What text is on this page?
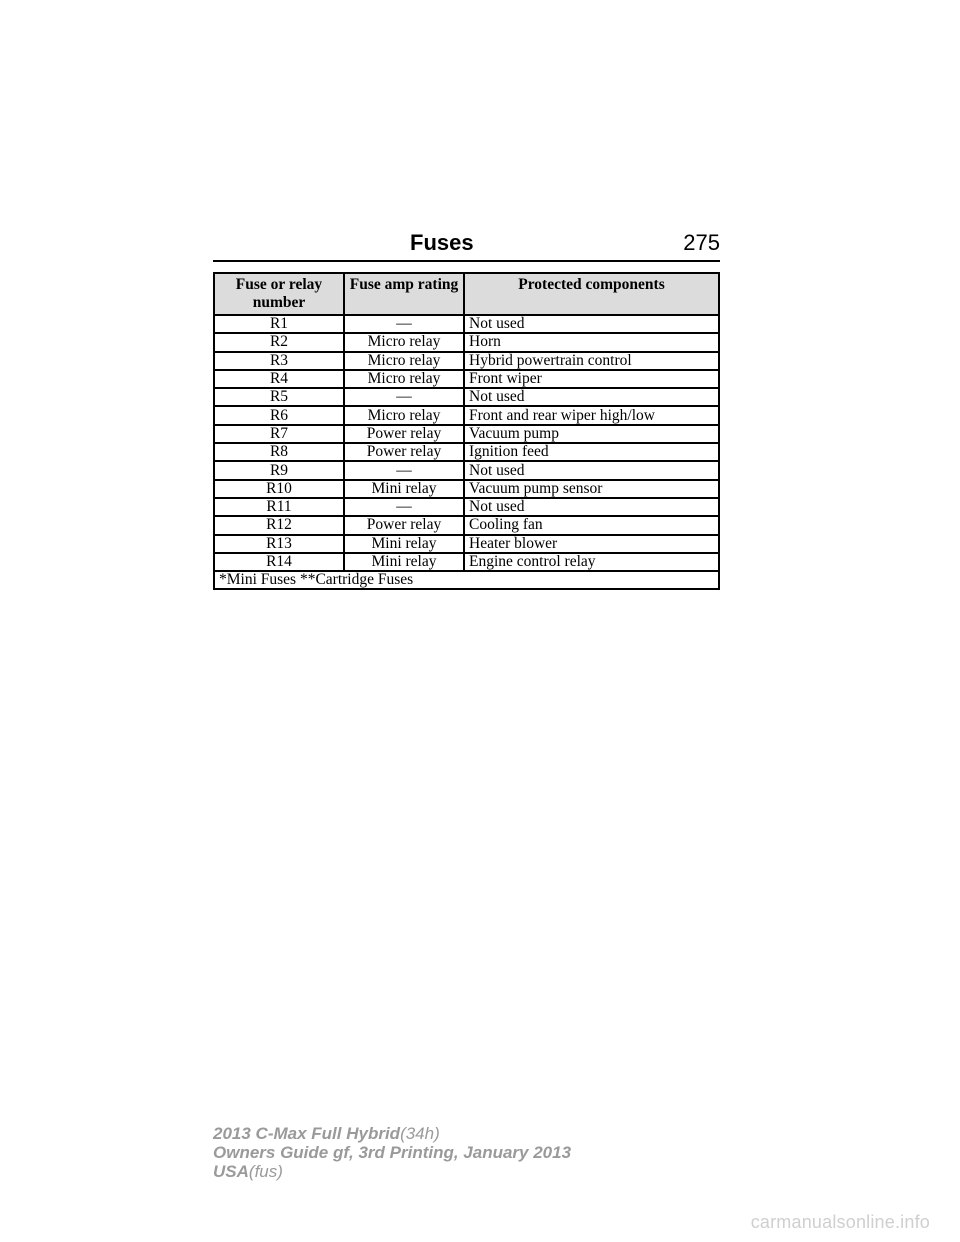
Fuses	275
Fuse or relay number	Fuse amp rating	Protected components
R1	—	Not used
R2	Micro relay	Horn
R3	Micro relay	Hybrid powertrain control
R4	Micro relay	Front wiper
R5	—	Not used
R6	Micro relay	Front and rear wiper high/low
R7	Power relay	Vacuum pump
R8	Power relay	Ignition feed
R9	—	Not used
R10	Mini relay	Vacuum pump sensor
R11	—	Not used
R12	Power relay	Cooling fan
R13	Mini relay	Heater blower
R14	Mini relay	Engine control relay
*Mini Fuses **Cartridge Fuses		
2013 C-Max Full Hybrid(34h)
Owners Guide gf, 3rd Printing, January 2013
USA(fus)
carmanualsonline.info
